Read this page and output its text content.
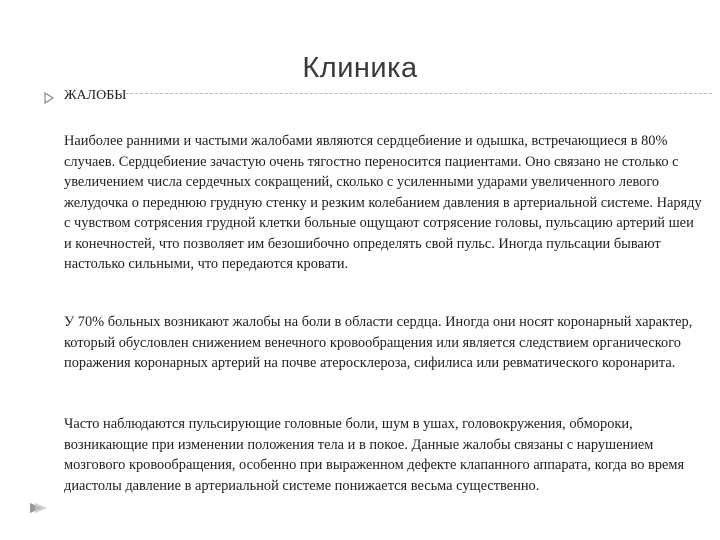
Клиника

ЖАЛОБЫ

Наиболее ранними и частыми жалобами являются сердцебиение и одышка, встречающиеся в 80% случаев. Сердцебиение зачастую очень тягостно переносится пациентами. Оно связано не столько с увеличением числа сердечных сокращений, сколько с усиленными ударами увеличенного левого желудочка о переднюю грудную стенку и резким колебанием давления в артериальной системе. Наряду с чувством сотрясения грудной клетки больные ощущают сотрясение головы, пульсацию артерий шеи и конечностей, что позволяет им безошибочно определять свой пульс. Иногда пульсации бывают настолько сильными, что передаются кровати.

У 70% больных возникают жалобы на боли в области сердца. Иногда они носят коронарный характер, который обусловлен снижением венечного кровообращения или является следствием органического поражения коронарных артерий на почве атеросклероза, сифилиса или ревматического коронарита.

Часто наблюдаются пульсирующие головные боли, шум в ушах, головокружения, обмороки, возникающие при изменении положения тела и в покое. Данные жалобы связаны с нарушением мозгового кровообращения, особенно при выраженном дефекте клапанного аппарата, когда во время диастолы давление в артериальной системе понижается весьма существенно.
